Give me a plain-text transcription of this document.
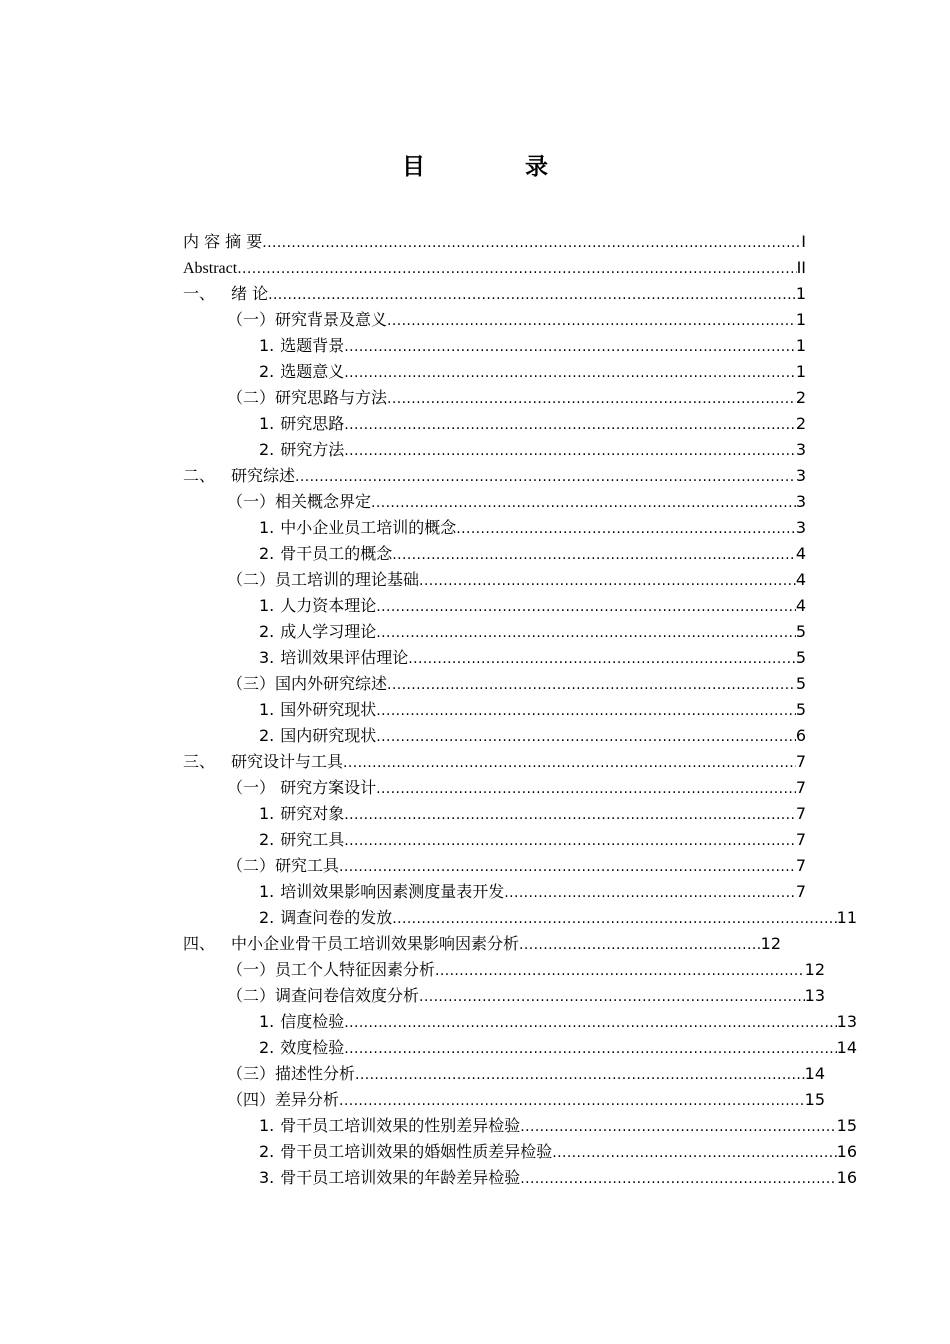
目 录
内 容 摘 要 .....	I
Abstract .....	II
一、 绪 论 .....	1
（一）研究背景及意义 .....	1
1. 选题背景 .....	1
2. 选题意义 .....	1
（二）研究思路与方法 .....	2
1. 研究思路 .....	2
2. 研究方法 .....	3
二、 研究综述 .....	3
（一）相关概念界定 .....	3
1. 中小企业员工培训的概念 .....	3
2. 骨干员工的概念 .....	4
（二）员工培训的理论基础 .....	4
1. 人力资本理论 .....	4
2. 成人学习理论 .....	5
3. 培训效果评估理论 .....	5
（三）国内外研究综述 .....	5
1. 国外研究现状 .....	5
2. 国内研究现状 .....	6
三、 研究设计与工具 .....	7
（一） 研究方案设计 .....	7
1. 研究对象 .....	7
2. 研究工具 .....	7
（二）研究工具 .....	7
1. 培训效果影响因素测度量表开发 .....	7
2. 调查问卷的发放 .....	11
四、 中小企业骨干员工培训效果影响因素分析 .....	12
（一）员工个人特征因素分析 .....	12
（二）调查问卷信效度分析 .....	13
1. 信度检验 .....	13
2. 效度检验 .....	14
（三）描述性分析 .....	14
（四）差异分析 .....	15
1. 骨干员工培训效果的性别差异检验 .....	15
2. 骨干员工培训效果的婚姻性质差异检验 .....	16
3. 骨干员工培训效果的年龄差异检验 .....	16
